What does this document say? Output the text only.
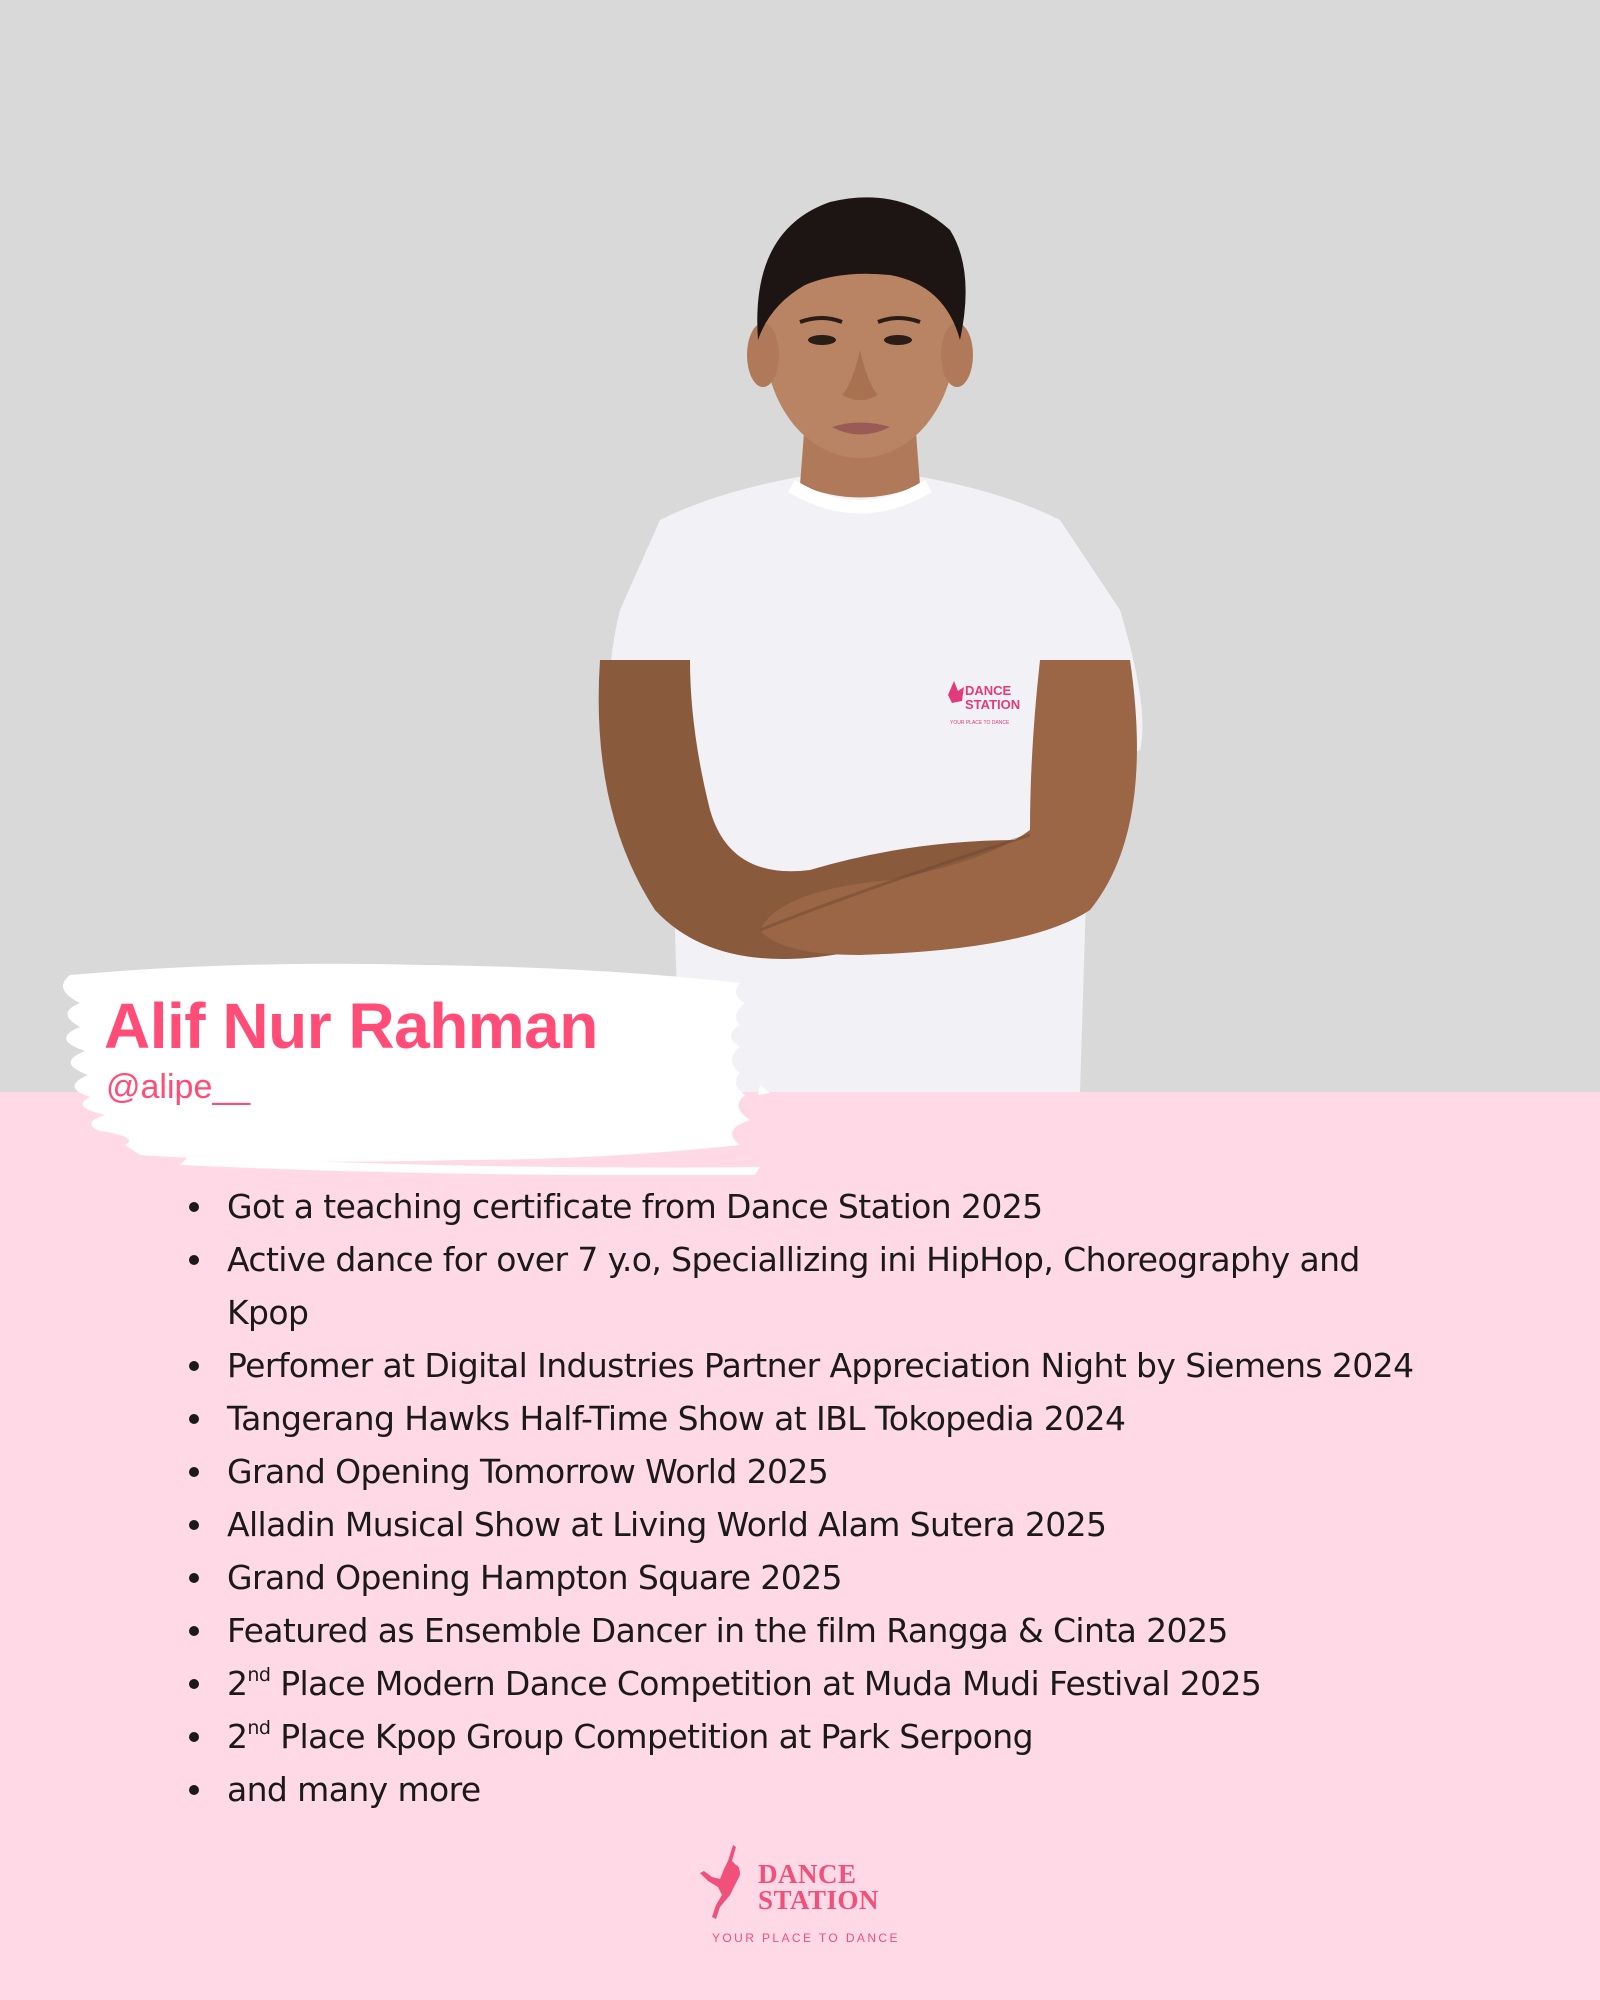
DANCE
STATION
YOUR PLACE TO DANCE
Alif Nur Rahman
@alipe__
Got a teaching certificate from Dance Station 2025
Active dance for over 7 y.o, Speciallizing ini HipHop, Choreography and Kpop
Perfomer at Digital Industries Partner Appreciation Night by Siemens 2024
Tangerang Hawks Half-Time Show at IBL Tokopedia 2024
Grand Opening Tomorrow World 2025
Alladin Musical Show at Living World Alam Sutera 2025
Grand Opening Hampton Square 2025
Featured as Ensemble Dancer in the film Rangga & Cinta 2025
2nd Place Modern Dance Competition at Muda Mudi Festival 2025
2nd Place Kpop Group Competition at Park Serpong
and many more
DANCE
STATION
YOUR PLACE TO DANCE
